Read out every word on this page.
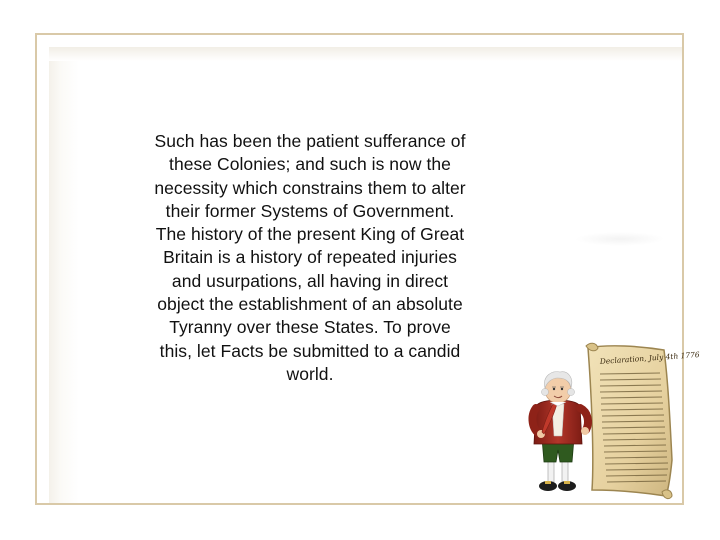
Such has been the patient sufferance of
these Colonies; and such is now the
necessity which constrains them to alter
their former Systems of Government.
The history of the present King of Great
Britain is a history of repeated injuries
and usurpations, all having in direct
object the establishment of an absolute
Tyranny over these States. To prove
this, let Facts be submitted to a candid
world.
Declaration, July 4th 1776
